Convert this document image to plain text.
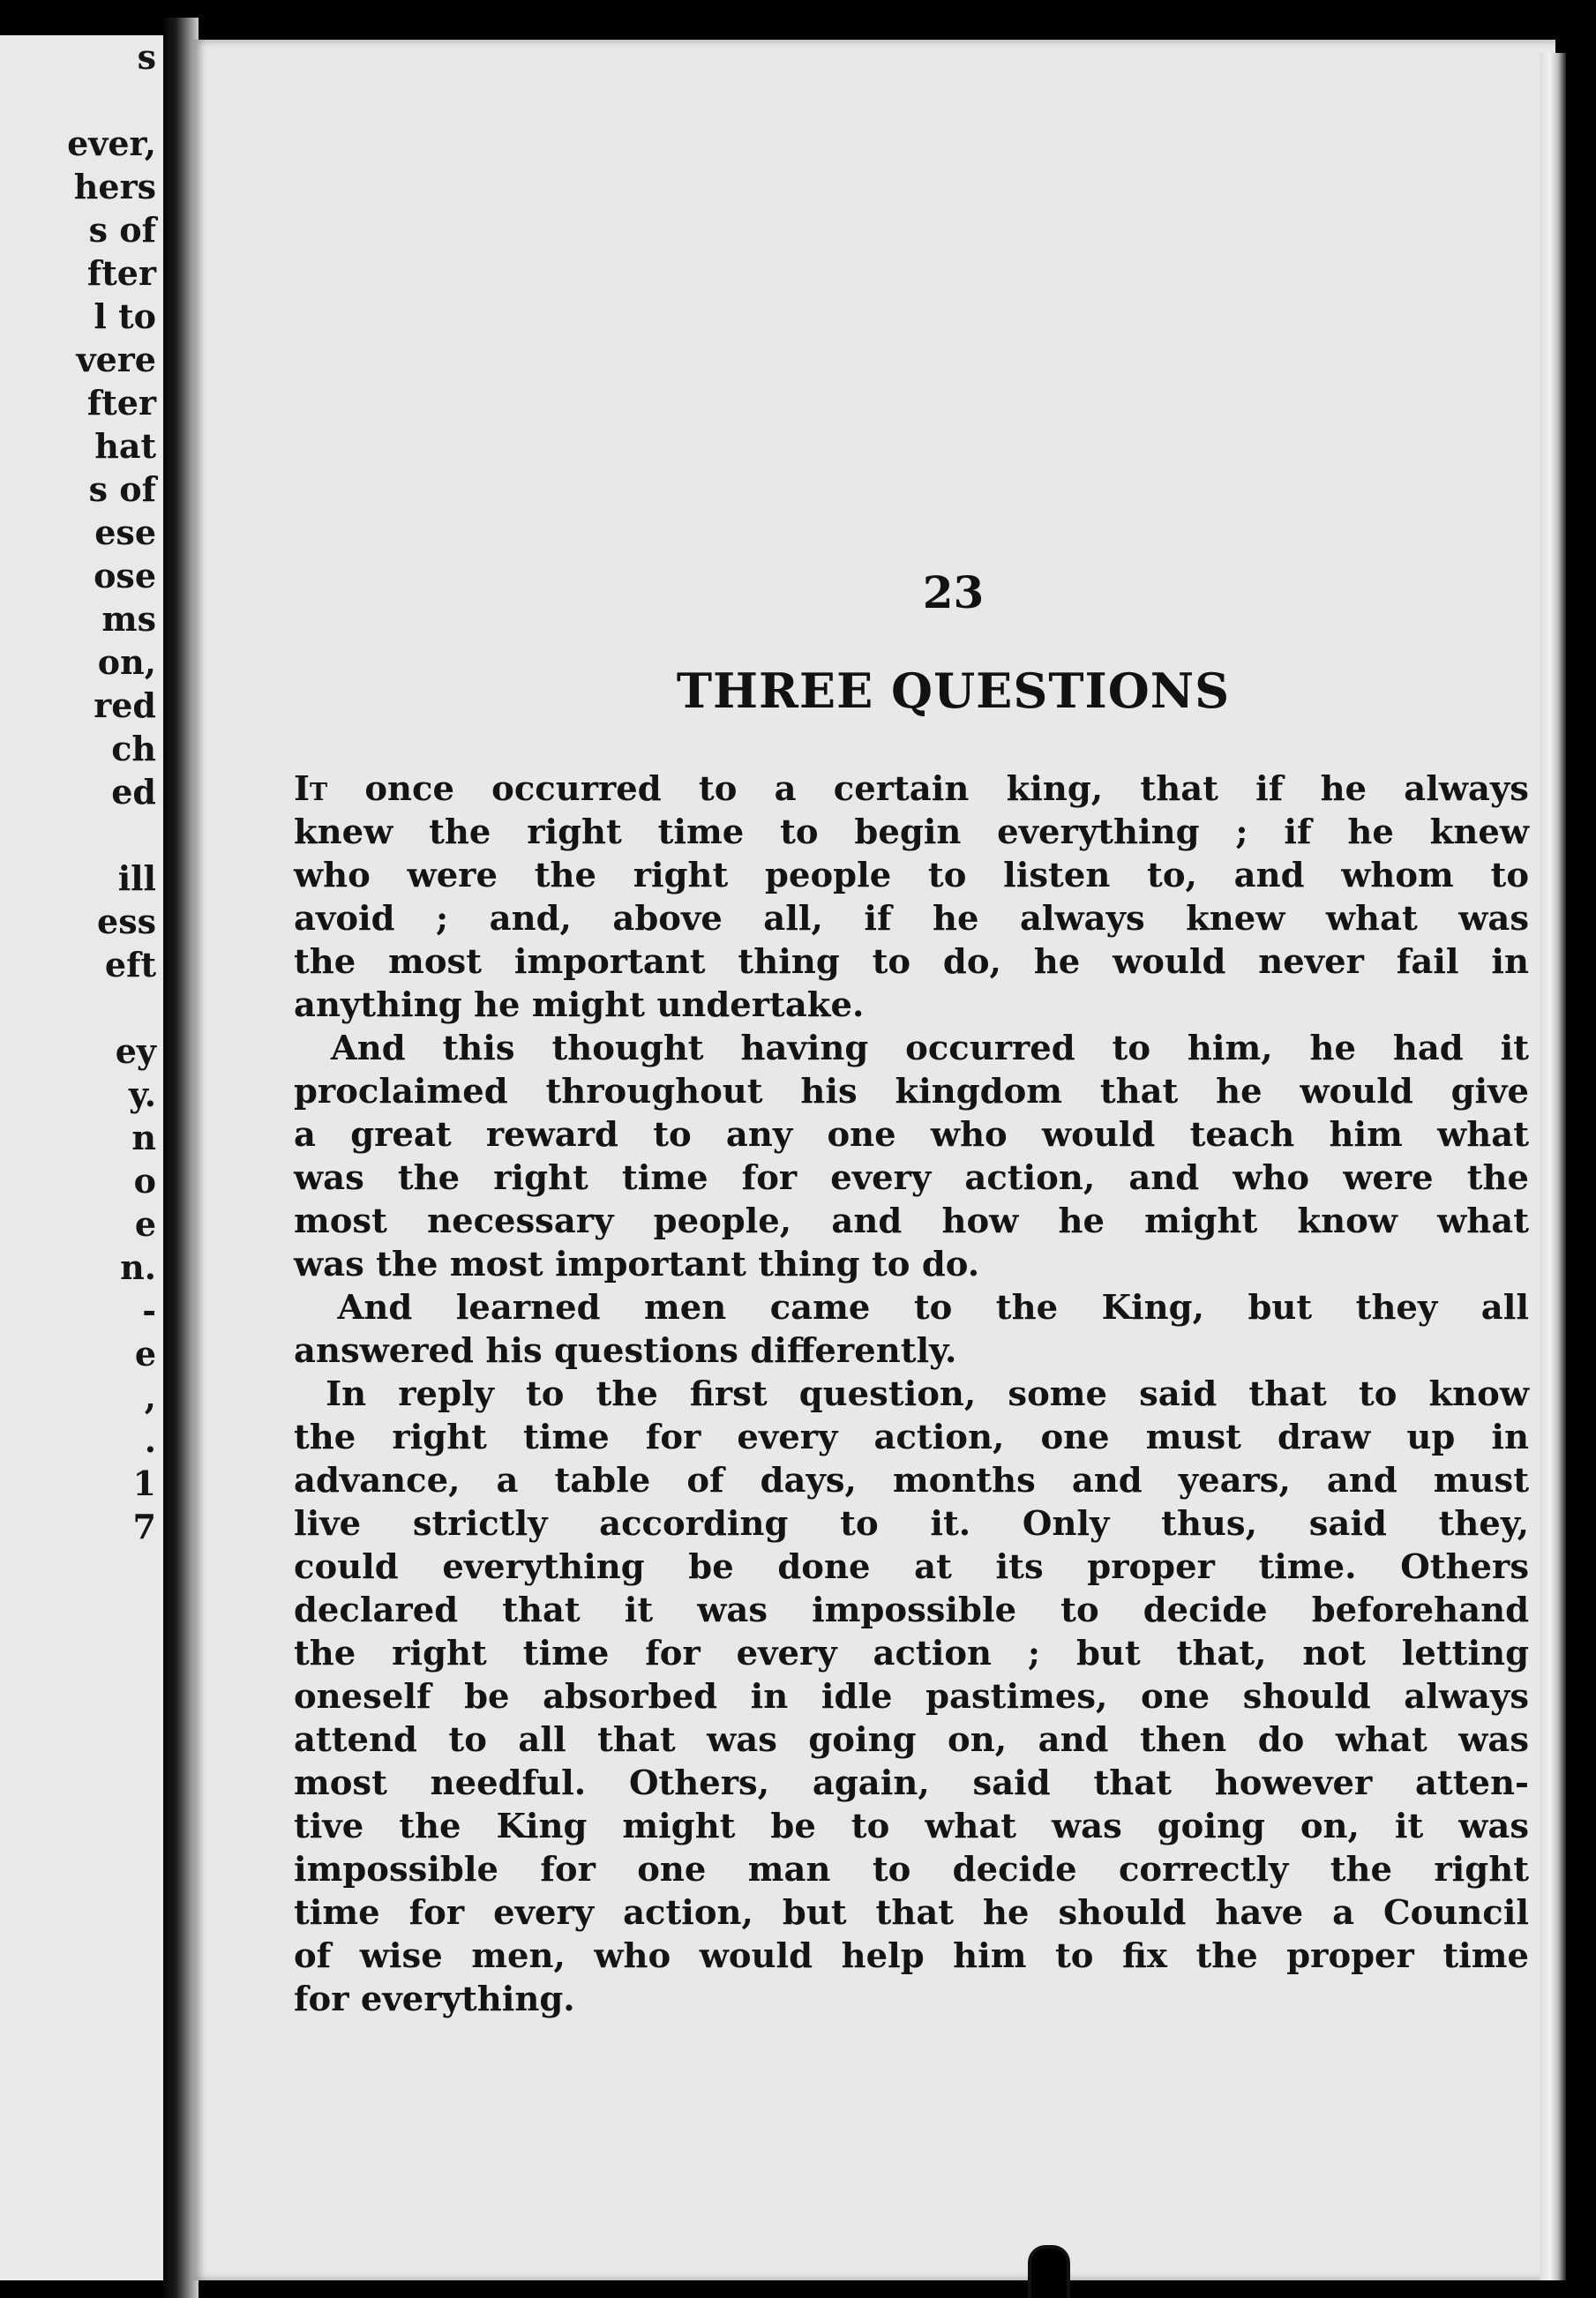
s

ever,
hers
s of
fter
l to
vere
fter
hat
s of
ese
ose
ms
on,
red
ch
ed

ill
ess
eft

ey
y.
n
o
e
n.
-
e
,
.
1
7
23
THREE QUESTIONS
It once occurred to a certain king, that if he always
knew the right time to begin everything ; if he knew
who were the right people to listen to, and whom to
avoid ; and, above all, if he always knew what was
the most important thing to do, he would never fail in
anything he might undertake.
And this thought having occurred to him, he had it
proclaimed throughout his kingdom that he would give
a great reward to any one who would teach him what
was the right time for every action, and who were the
most necessary people, and how he might know what
was the most important thing to do.
And learned men came to the King, but they all
answered his questions differently.
In reply to the first question, some said that to know
the right time for every action, one must draw up in
advance, a table of days, months and years, and must
live strictly according to it. Only thus, said they,
could everything be done at its proper time. Others
declared that it was impossible to decide beforehand
the right time for every action ; but that, not letting
oneself be absorbed in idle pastimes, one should always
attend to all that was going on, and then do what was
most needful. Others, again, said that however atten-
tive the King might be to what was going on, it was
impossible for one man to decide correctly the right
time for every action, but that he should have a Council
of wise men, who would help him to fix the proper time
for everything.
